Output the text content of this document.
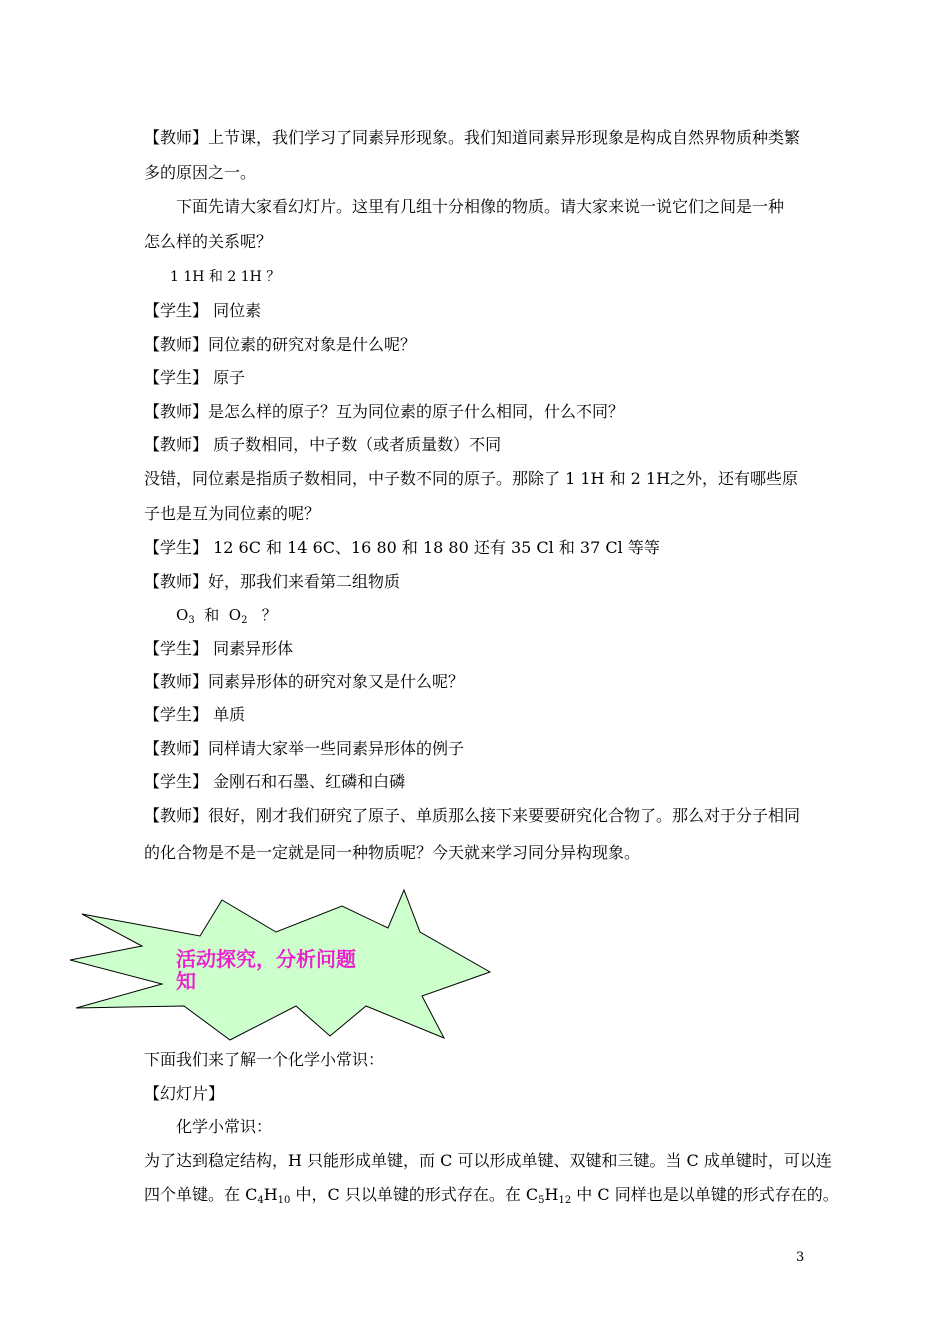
【教师】上节课，我们学习了同素异形现象。我们知道同素异形现象是构成自然界物质种类繁
多的原因之一。
下面先请大家看幻灯片。这里有几组十分相像的物质。请大家来说一说它们之间是一种
怎么样的关系呢？
1 1H 和 2 1H ？
【学生】 同位素
【教师】同位素的研究对象是什么呢？
【学生】 原子
【教师】是怎么样的原子？互为同位素的原子什么相同，什么不同？
【教师】 质子数相同，中子数（或者质量数）不同
没错，同位素是指质子数相同，中子数不同的原子。那除了 1 1H 和 2 1H之外，还有哪些原
子也是互为同位素的呢？
【学生】 12 6C 和 14 6C、16 80 和 18 80 还有 35 Cl 和 37 Cl 等等
【教师】好，那我们来看第二组物质
$O_3$ 和 $O_2$ ？
【学生】 同素异形体
【教师】同素异形体的研究对象又是什么呢？
【学生】 单质
【教师】同样请大家举一些同素异形体的例子
【学生】 金刚石和石墨、红磷和白磷
【教师】很好，刚才我们研究了原子、单质那么接下来要要研究化合物了。那么对于分子相同
的化合物是不是一定就是同一种物质呢？今天就来学习同分异构现象。
活动探究，分析问题
知
下面我们来了解一个化学小常识：
【幻灯片】
化学小常识：
为了达到稳定结构，H 只能形成单键，而 C 可以形成单键、双键和三键。当 C 成单键时，可以连
四个单键。在 $C_4H_{10}$ 中，C 只以单键的形式存在。在 $C_5H_{12}$ 中 C 同样也是以单键的形式存在的。
3
